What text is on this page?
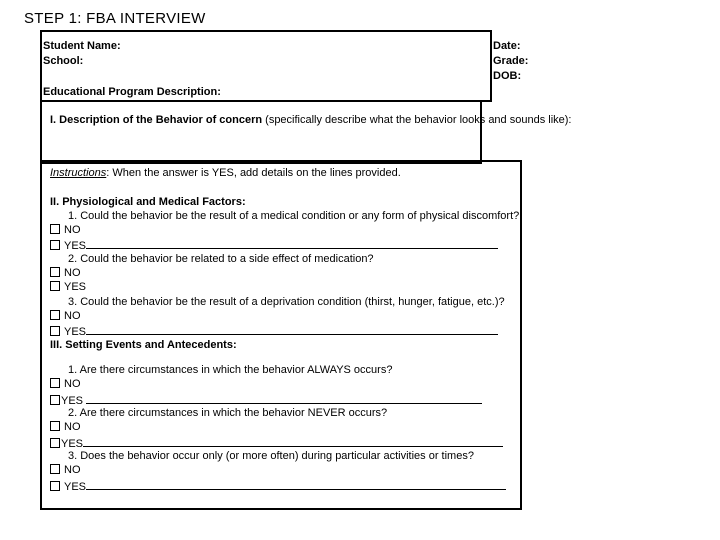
STEP 1: FBA INTERVIEW
Student Name:
School:
Educational Program Description:
Date:
Grade:
DOB:
I. Description of the Behavior of concern (specifically describe what the behavior looks and sounds like):
Instructions: When the answer is YES, add details on the lines provided.
II. Physiological and Medical Factors:
1. Could the behavior be the result of a medical condition or any form of physical discomfort?
NO
YES
2. Could the behavior be related to a side effect of medication?
NO
YES
3. Could the behavior be the result of a deprivation condition (thirst, hunger, fatigue, etc.)?
NO
YES
III. Setting Events and Antecedents:
1. Are there circumstances in which the behavior ALWAYS occurs?
NO
YES
2. Are there circumstances in which the behavior NEVER occurs?
NO
YES
3. Does the behavior occur only (or more often) during particular activities or times?
NO
YES
